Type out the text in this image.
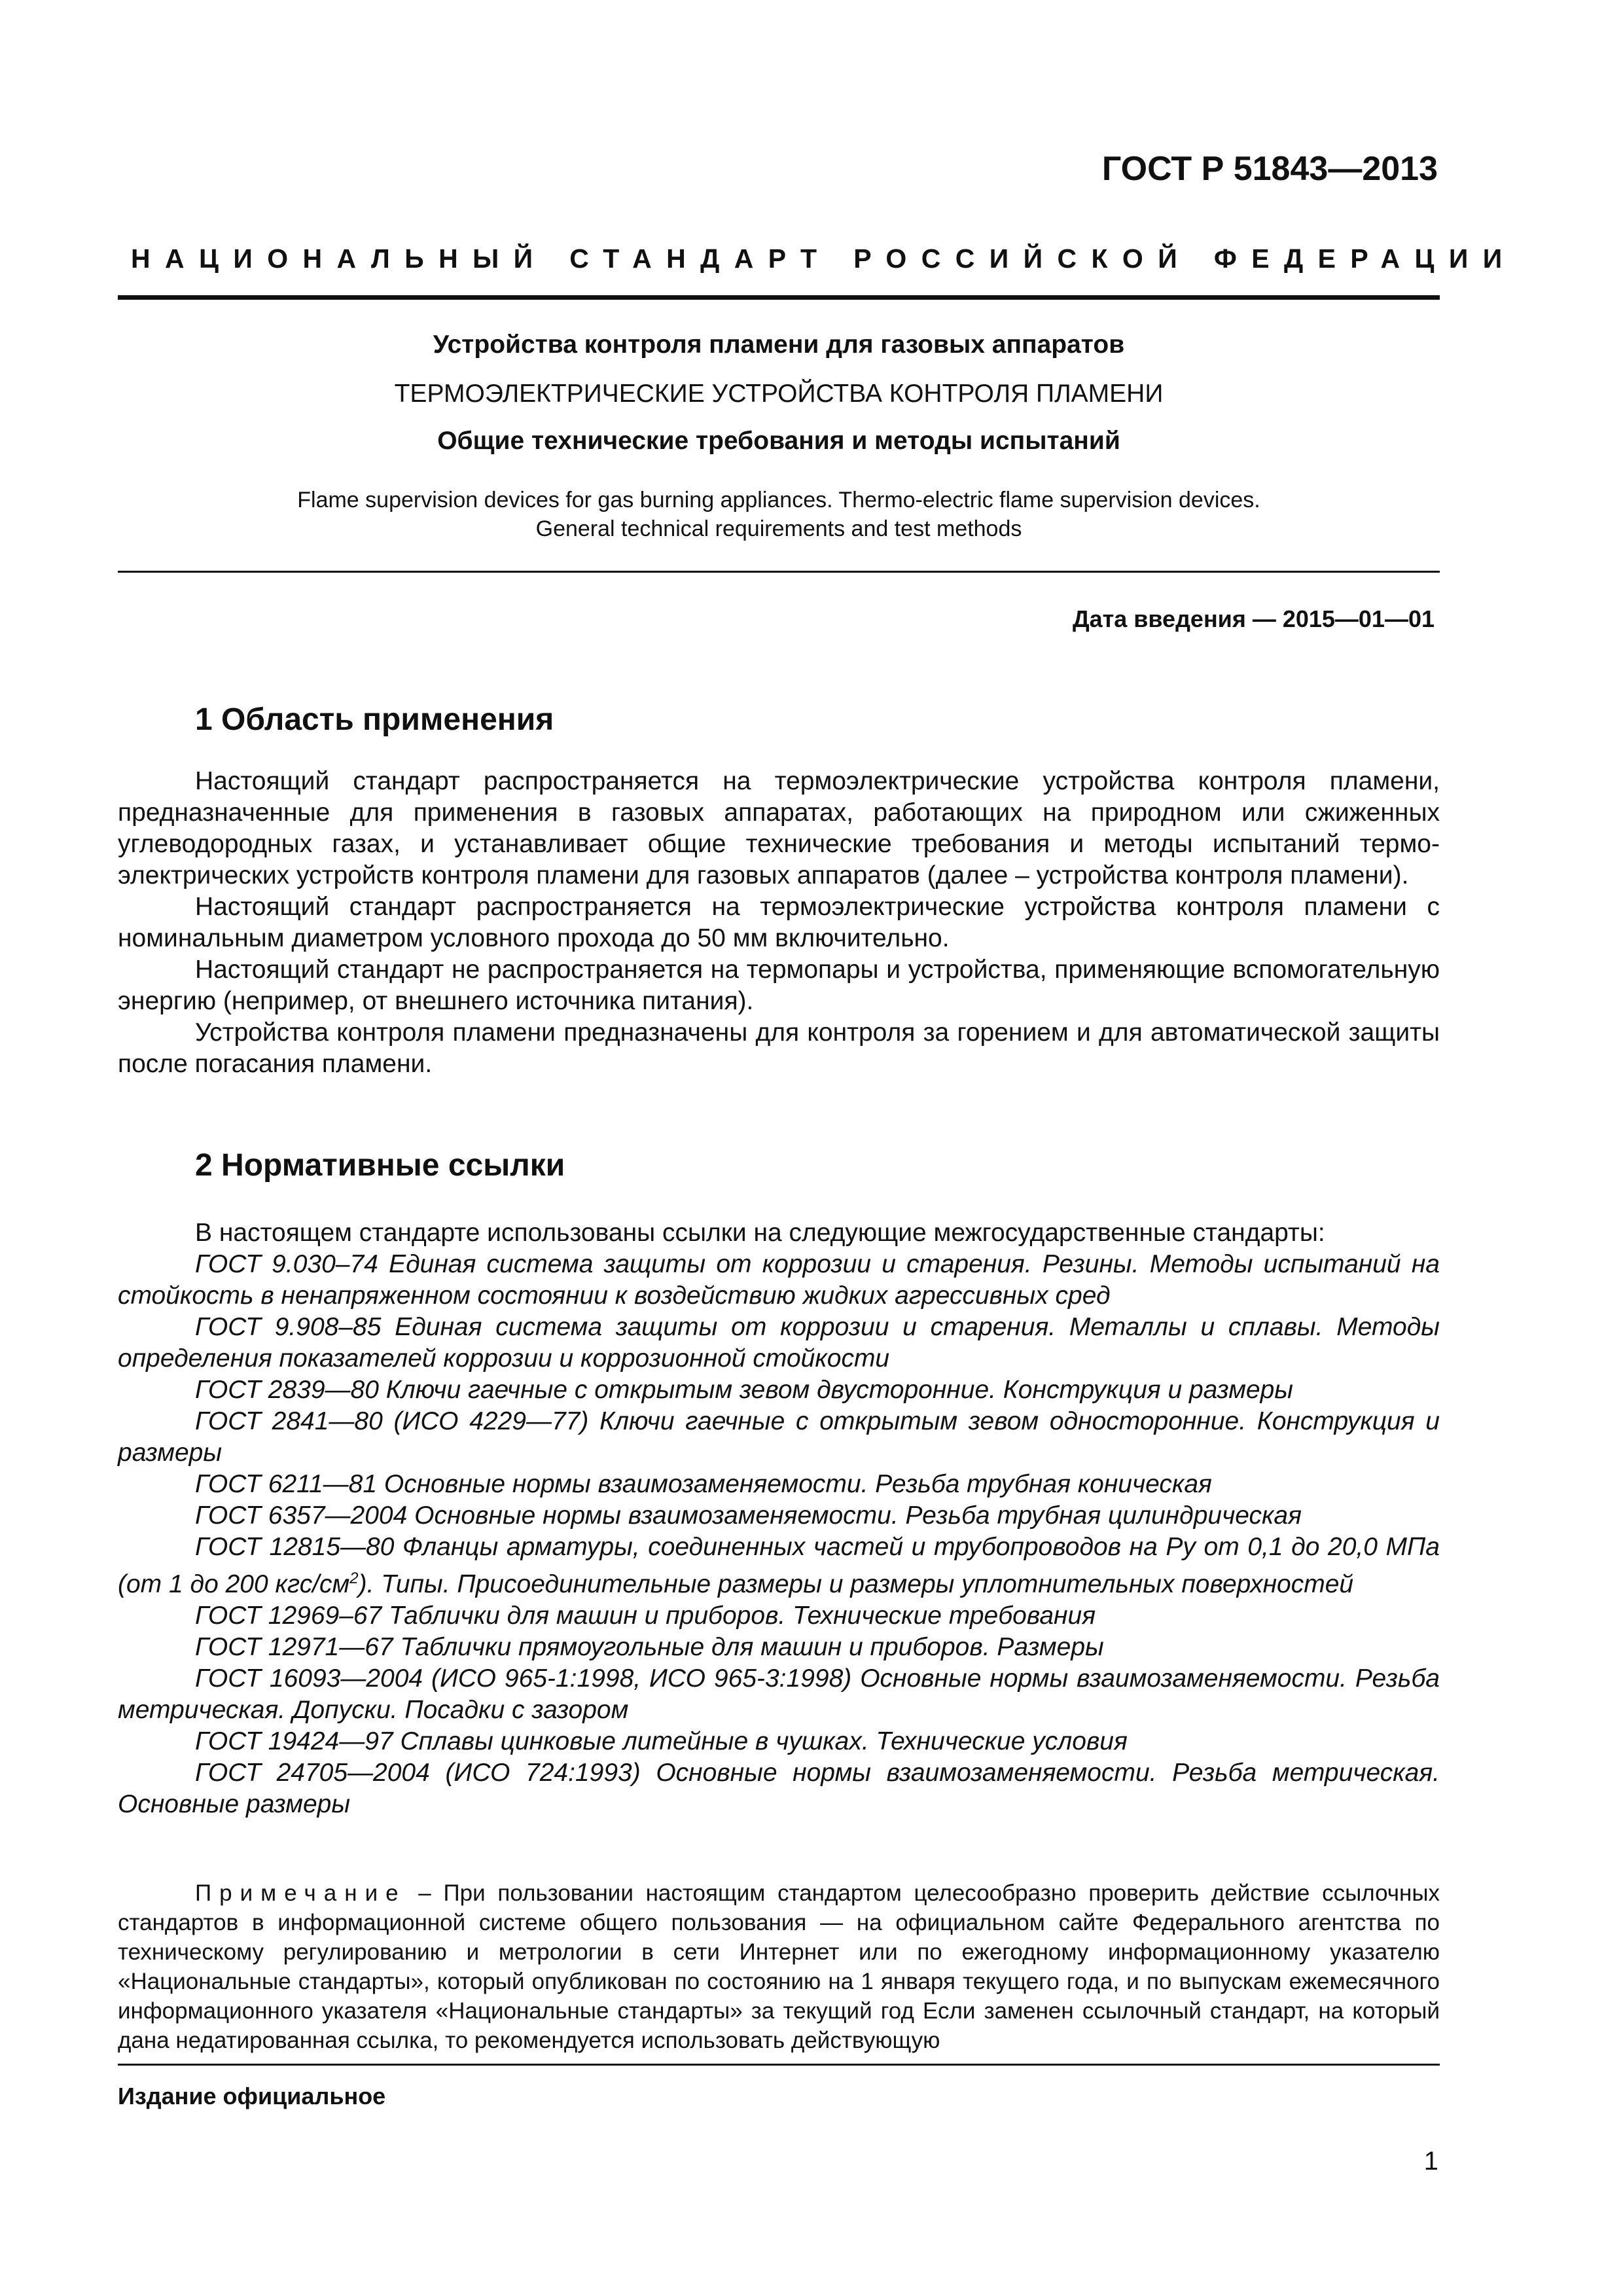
ГОСТ Р 51843—2013
НАЦИОНАЛЬНЫЙ СТАНДАРТ РОССИЙСКОЙ ФЕДЕРАЦИИ
Устройства контроля пламени для газовых аппаратов
ТЕРМОЭЛЕКТРИЧЕСКИЕ УСТРОЙСТВА КОНТРОЛЯ ПЛАМЕНИ
Общие технические требования и методы испытаний
Flame supervision devices for gas burning appliances. Thermo-electric flame supervision devices.
General technical requirements and test methods
Дата введения — 2015—01—01
1 Область применения

Настоящий стандарт распространяется на термоэлектрические устройства контроля пламени, предназначенные для применения в газовых аппаратах, работающих на природном или сжиженных углеводородных газах, и устанавливает общие технические требования и методы испытаний термоэлектрических устройств контроля пламени для газовых аппаратов (далее – устройства контроля пламени).

Настоящий стандарт распространяется на термоэлектрические устройства контроля пламени с номинальным диаметром условного прохода до 50 мм включительно.

Настоящий стандарт не распространяется на термопары и устройства, применяющие вспомогательную энергию (непример, от внешнего источника питания).

Устройства контроля пламени предназначены для контроля за горением и для автоматической защиты после погасания пламени.

2 Нормативные ссылки

В настоящем стандарте использованы ссылки на следующие межгосударственные стандарты:

ГОСТ 9.030–74 Единая система защиты от коррозии и старения. Резины. Методы испытаний на стойкость в ненапряженном состоянии к воздействию жидких агрессивных сред

ГОСТ 9.908–85 Единая система защиты от коррозии и старения. Металлы и сплавы. Методы определения показателей коррозии и коррозионной стойкости

ГОСТ 2839—80 Ключи гаечные с открытым зевом двусторонние. Конструкция и размеры

ГОСТ 2841—80 (ИСО 4229—77) Ключи гаечные с открытым зевом односторонние. Конструкция и размеры

ГОСТ 6211—81 Основные нормы взаимозаменяемости. Резьба трубная коническая

ГОСТ 6357—2004 Основные нормы взаимозаменяемости. Резьба трубная цилиндрическая

ГОСТ 12815—80 Фланцы арматуры, соединенных частей и трубопроводов на Ру от 0,1 до 20,0 МПа (от 1 до 200 кгс/$см^2$). Типы. Присоединительные размеры и размеры уплотнительных поверхностей

ГОСТ 12969–67 Таблички для машин и приборов. Технические требования

ГОСТ 12971—67 Таблички прямоугольные для машин и приборов. Размеры

ГОСТ 16093—2004 (ИСО 965-1:1998, ИСО 965-3:1998) Основные нормы взаимозаменяемости. Резьба метрическая. Допуски. Посадки с зазором

ГОСТ 19424—97 Сплавы цинковые литейные в чушках. Технические условия

ГОСТ 24705—2004 (ИСО 724:1993) Основные нормы взаимозаменяемости. Резьба метрическая. Основные размеры

Примечание – При пользовании настоящим стандартом целесообразно проверить действие ссылочных стандартов в информационной системе общего пользования — на официальном сайте Федерального агентства по техническому регулированию и метрологии в сети Интернет или по ежегодному информационному указателю «Национальные стандарты», который опубликован по состоянию на 1 января текущего года, и по выпускам ежемесячного информационного указателя «Национальные стандарты» за текущий год Если заменен ссылочный стандарт, на который дана недатированная ссылка, то рекомендуется использовать действующую

Издание официальное
1
